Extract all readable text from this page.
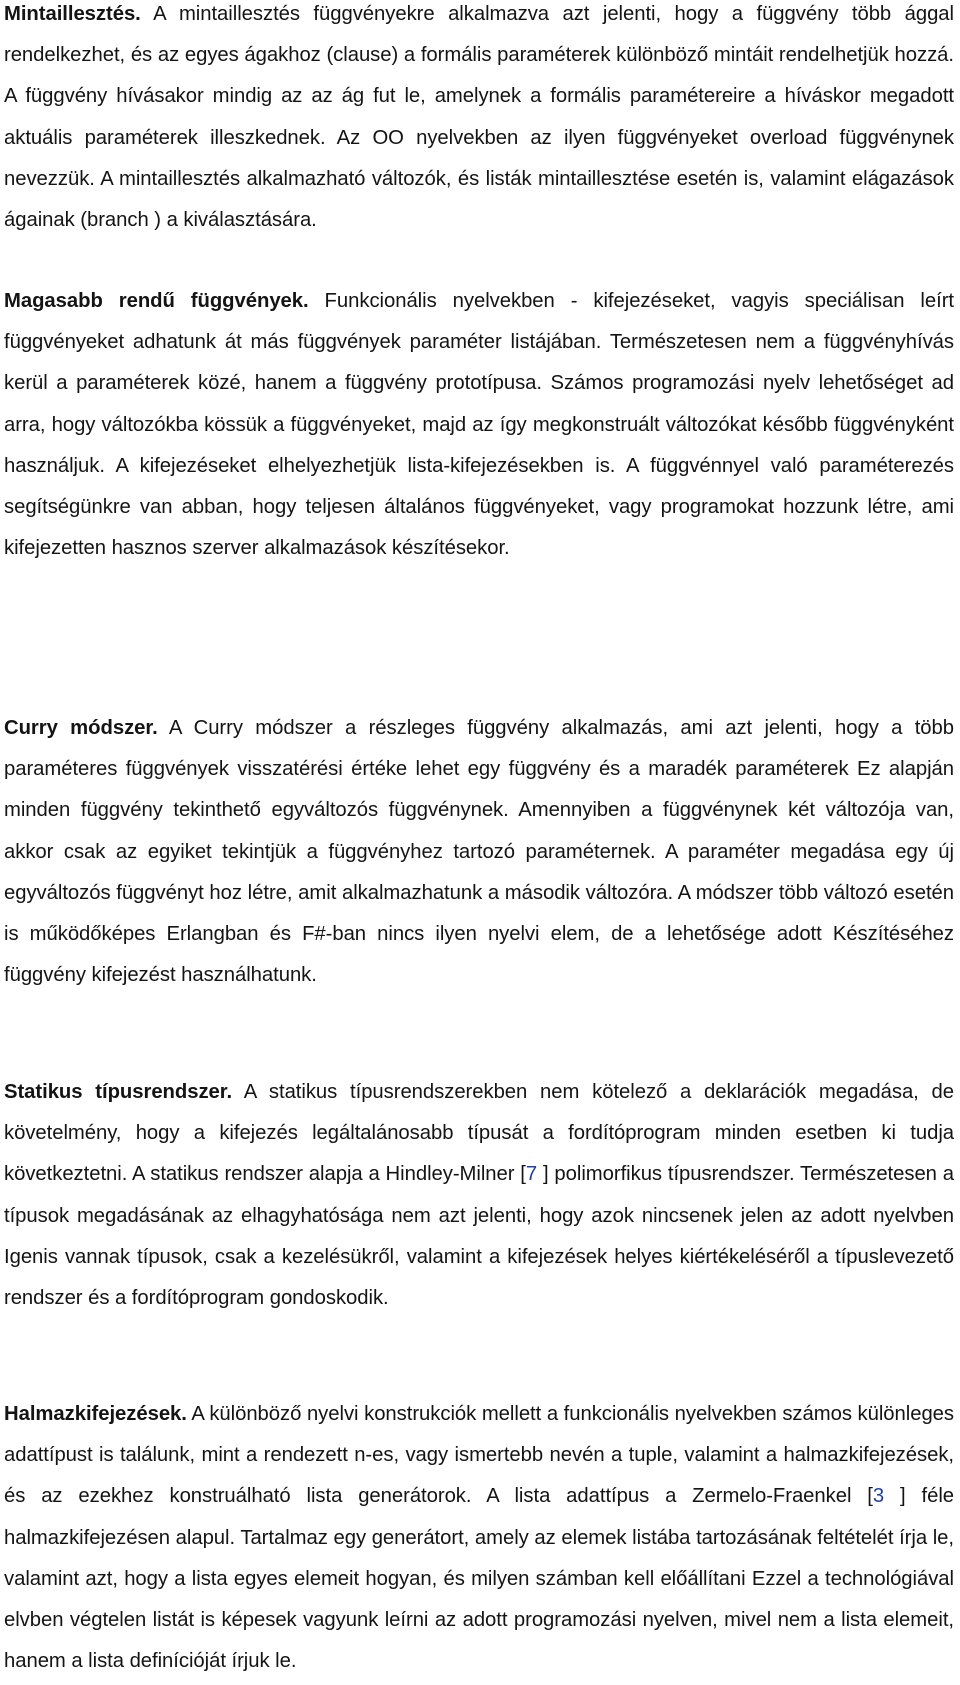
Mintaillesztés. A mintaillesztés függvényekre alkalmazva azt jelenti, hogy a függvény több ággal rendelkezhet, és az egyes ágakhoz (clause) a formális paraméterek különböző mintáit rendelhetjük hozzá. A függvény hívásakor mindig az az ág fut le, amelynek a formális paramétereire a híváskor megadott aktuális paraméterek illeszkednek. Az OO nyelvekben az ilyen függvényeket overload függvénynek nevezzük. A mintaillesztés alkalmazható változók, és listák mintaillesztése esetén is, valamint elágazások ágainak (branch ) a kiválasztására.

Magasabb rendű függvények. Funkcionális nyelvekben - kifejezéseket, vagyis speciálisan leírt függvényeket adhatunk át más függvények paraméter listájában. Természetesen nem a függvényhívás kerül a paraméterek közé, hanem a függvény prototípusa. Számos programozási nyelv lehetőséget ad arra, hogy változókba kössük a függvényeket, majd az így megkonstruált változókat később függvényként használjuk. A kifejezéseket elhelyezhetjük lista-kifejezésekben is. A függvénnyel való paraméterezés segítségünkre van abban, hogy teljesen általános függvényeket, vagy programokat hozzunk létre, ami kifejezetten hasznos szerver alkalmazások készítésekor.

Curry módszer. A Curry módszer a részleges függvény alkalmazás, ami azt jelenti, hogy a több paraméteres függvények visszatérési értéke lehet egy függvény és a maradék paraméterek Ez alapján minden függvény tekinthető egyváltozós függvénynek. Amennyiben a függvénynek két változója van, akkor csak az egyiket tekintjük a függvényhez tartozó paraméternek. A paraméter megadása egy új egyváltozós függvényt hoz létre, amit alkalmazhatunk a második változóra. A módszer több változó esetén is működőképes Erlangban és F#-ban nincs ilyen nyelvi elem, de a lehetősége adott Készítéséhez függvény kifejezést használhatunk.

Statikus típusrendszer. A statikus típusrendszerekben nem kötelező a deklarációk megadása, de követelmény, hogy a kifejezés legáltalánosabb típusát a fordítóprogram minden esetben ki tudja következtetni. A statikus rendszer alapja a Hindley-Milner [7 ] polimorfikus típusrendszer. Természetesen a típusok megadásának az elhagyhatósága nem azt jelenti, hogy azok nincsenek jelen az adott nyelvben Igenis vannak típusok, csak a kezelésükről, valamint a kifejezések helyes kiértékeléséről a típuslevezető rendszer és a fordítóprogram gondoskodik.

Halmazkifejezések. A különböző nyelvi konstrukciók mellett a funkcionális nyelvekben számos különleges adattípust is találunk, mint a rendezett n-es, vagy ismertebb nevén a tuple, valamint a halmazkifejezések, és az ezekhez konstruálható lista generátorok. A lista adattípus a Zermelo-Fraenkel [3 ] féle halmazkifejezésen alapul. Tartalmaz egy generátort, amely az elemek listába tartozásának feltételét írja le, valamint azt, hogy a lista egyes elemeit hogyan, és milyen számban kell előállítani Ezzel a technológiával elvben végtelen listát is képesek vagyunk leírni az adott programozási nyelven, mivel nem a lista elemeit, hanem a lista definícióját írjuk le.
